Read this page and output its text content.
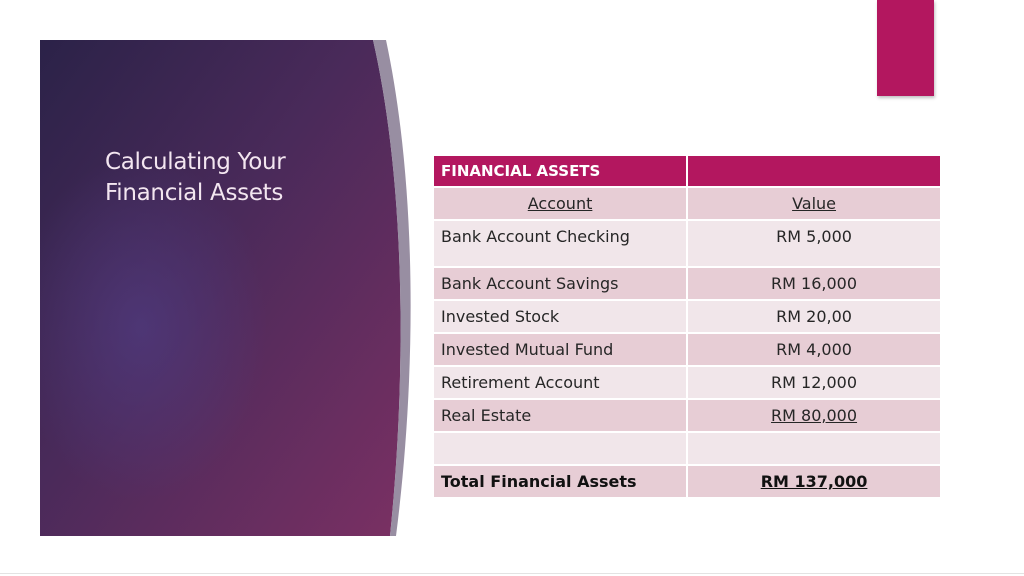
Calculating Your
Financial Assets
FINANCIAL ASSETS	
Account	Value
Bank Account Checking	RM 5,000
Bank Account Savings	RM 16,000
Invested Stock	RM 20,00
Invested Mutual Fund	RM 4,000
Retirement Account	RM 12,000
Real Estate	RM 80,000

Total Financial Assets	RM 137,000
